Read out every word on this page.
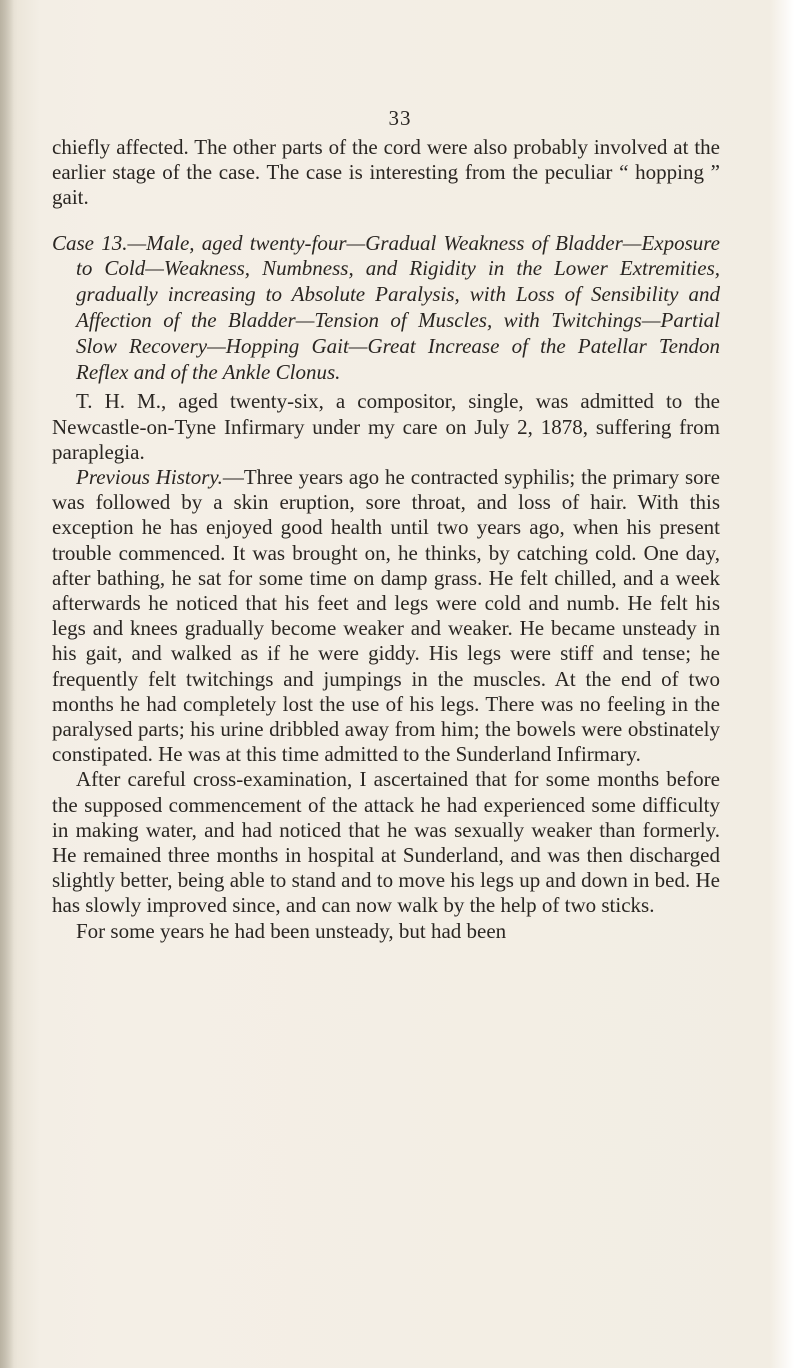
33

chiefly affected. The other parts of the cord were also probably involved at the earlier stage of the case. The case is interesting from the peculiar “ hopping ” gait.

Case 13.—Male, aged twenty-four—Gradual Weakness of Bladder—Exposure to Cold—Weakness, Numbness, and Rigidity in the Lower Extremities, gradually increasing to Absolute Paralysis, with Loss of Sensibility and Affection of the Bladder—Tension of Muscles, with Twitchings—Partial Slow Recovery—Hopping Gait—Great Increase of the Patellar Tendon Reflex and of the Ankle Clonus.

T. H. M., aged twenty-six, a compositor, single, was admitted to the Newcastle-on-Tyne Infirmary under my care on July 2, 1878, suffering from paraplegia.

Previous History.—Three years ago he contracted syphilis; the primary sore was followed by a skin eruption, sore throat, and loss of hair. With this exception he has enjoyed good health until two years ago, when his present trouble commenced. It was brought on, he thinks, by catching cold. One day, after bathing, he sat for some time on damp grass. He felt chilled, and a week afterwards he noticed that his feet and legs were cold and numb. He felt his legs and knees gradually become weaker and weaker. He became unsteady in his gait, and walked as if he were giddy. His legs were stiff and tense; he frequently felt twitchings and jumpings in the muscles. At the end of two months he had completely lost the use of his legs. There was no feeling in the paralysed parts; his urine dribbled away from him; the bowels were obstinately constipated. He was at this time admitted to the Sunderland Infirmary.

After careful cross-examination, I ascertained that for some months before the supposed commencement of the attack he had experienced some difficulty in making water, and had noticed that he was sexually weaker than formerly. He remained three months in hospital at Sunderland, and was then discharged slightly better, being able to stand and to move his legs up and down in bed. He has slowly improved since, and can now walk by the help of two sticks.

For some years he had been unsteady, but had been
